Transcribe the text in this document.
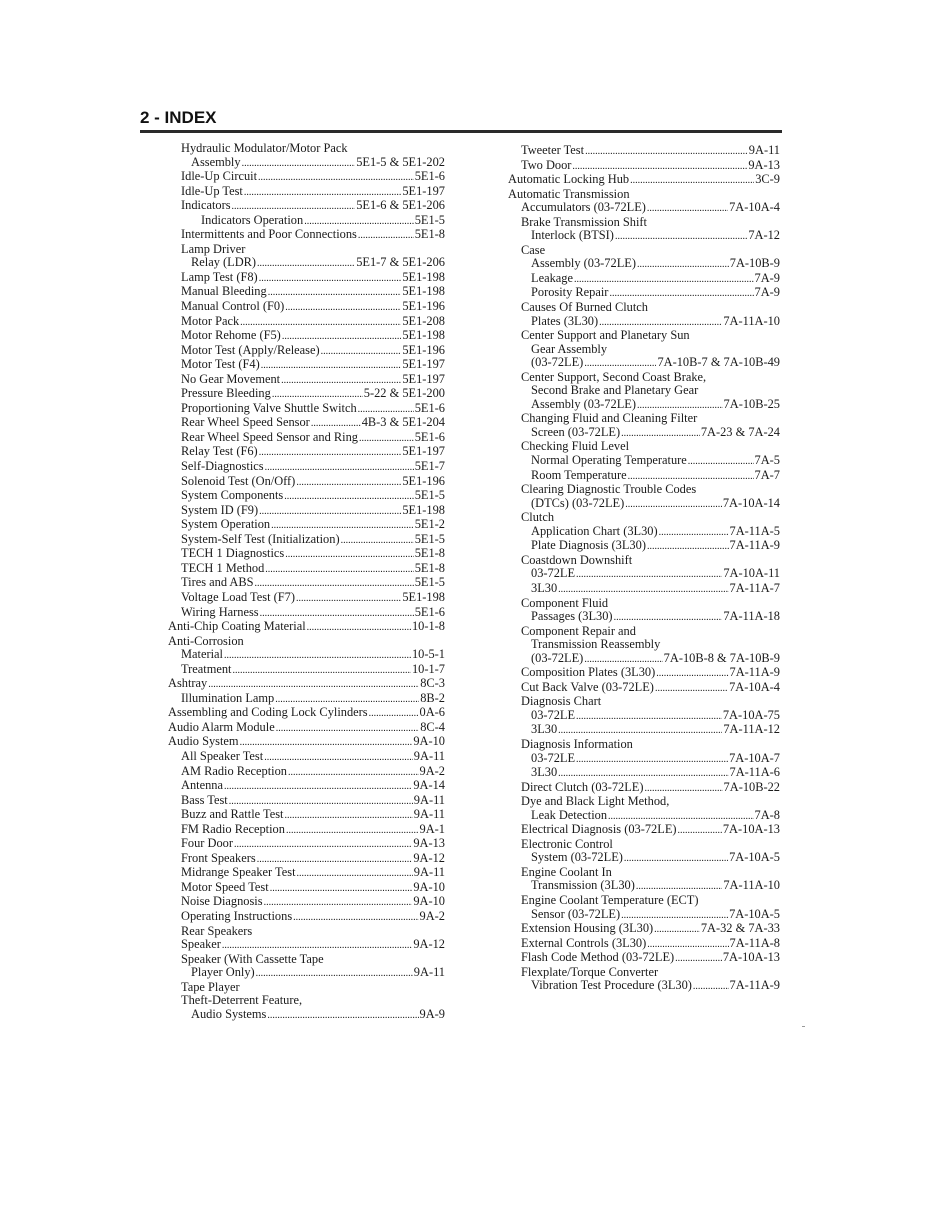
2 - INDEX
Hydraulic Modulator/Motor Pack
Assembly .....	5E1-5 & 5E1-202
Idle-Up Circuit .....	5E1-6
Idle-Up Test .....	5E1-197
Indicators .....	5E1-6 & 5E1-206
Indicators Operation .....	5E1-5
Intermittents and Poor Connections .....	5E1-8
Lamp Driver
Relay (LDR) .....	5E1-7 & 5E1-206
Lamp Test (F8) .....	5E1-198
Manual Bleeding .....	5E1-198
Manual Control (F0) .....	5E1-196
Motor Pack .....	5E1-208
Motor Rehome (F5) .....	5E1-198
Motor Test (Apply/Release) .....	5E1-196
Motor Test (F4) .....	5E1-197
No Gear Movement .....	5E1-197
Pressure Bleeding .....	5-22 & 5E1-200
Proportioning Valve Shuttle Switch .....	5E1-6
Rear Wheel Speed Sensor .....	4B-3 & 5E1-204
Rear Wheel Speed Sensor and Ring .....	5E1-6
Relay Test (F6) .....	5E1-197
Self-Diagnostics .....	5E1-7
Solenoid Test (On/Off) .....	5E1-196
System Components .....	5E1-5
System ID (F9) .....	5E1-198
System Operation .....	5E1-2
System-Self Test (Initialization) .....	5E1-5
TECH 1 Diagnostics .....	5E1-8
TECH 1 Method .....	5E1-8
Tires and ABS .....	5E1-5
Voltage Load Test (F7) .....	5E1-198
Wiring Harness .....	5E1-6
Anti-Chip Coating Material .....	10-1-8
Anti-Corrosion
Material .....	10-5-1
Treatment .....	10-1-7
Ashtray .....	8C-3
Illumination Lamp .....	8B-2
Assembling and Coding Lock Cylinders .....	0A-6
Audio Alarm Module .....	8C-4
Audio System .....	9A-10
All Speaker Test .....	9A-11
AM Radio Reception .....	9A-2
Antenna .....	9A-14
Bass Test .....	9A-11
Buzz and Rattle Test .....	9A-11
FM Radio Reception .....	9A-1
Four Door .....	9A-13
Front Speakers .....	9A-12
Midrange Speaker Test .....	9A-11
Motor Speed Test .....	9A-10
Noise Diagnosis .....	9A-10
Operating Instructions .....	9A-2
Rear Speakers
Speaker .....	9A-12
Speaker (With Cassette Tape
Player Only) .....	9A-11
Tape Player
Theft-Deterrent Feature,
Audio Systems .....	9A-9
Tweeter Test .....	9A-11
Two Door .....	9A-13
Automatic Locking Hub .....	3C-9
Automatic Transmission
Accumulators (03-72LE) .....	7A-10A-4
Brake Transmission Shift
Interlock (BTSI) .....	7A-12
Case
Assembly (03-72LE) .....	7A-10B-9
Leakage .....	7A-9
Porosity Repair .....	7A-9
Causes Of Burned Clutch
Plates (3L30) .....	7A-11A-10
Center Support and Planetary Sun
Gear Assembly
(03-72LE) .....	7A-10B-7 & 7A-10B-49
Center Support, Second Coast Brake,
Second Brake and Planetary Gear
Assembly (03-72LE) .....	7A-10B-25
Changing Fluid and Cleaning Filter
Screen (03-72LE) .....	7A-23 & 7A-24
Checking Fluid Level
Normal Operating Temperature .....	7A-5
Room Temperature .....	7A-7
Clearing Diagnostic Trouble Codes
(DTCs) (03-72LE) .....	7A-10A-14
Clutch
Application Chart (3L30) .....	7A-11A-5
Plate Diagnosis (3L30) .....	7A-11A-9
Coastdown Downshift
03-72LE .....	7A-10A-11
3L30 .....	7A-11A-7
Component Fluid
Passages (3L30) .....	7A-11A-18
Component Repair and
Transmission Reassembly
(03-72LE) .....	7A-10B-8 & 7A-10B-9
Composition Plates (3L30) .....	7A-11A-9
Cut Back Valve (03-72LE) .....	7A-10A-4
Diagnosis Chart
03-72LE .....	7A-10A-75
3L30 .....	7A-11A-12
Diagnosis Information
03-72LE .....	7A-10A-7
3L30 .....	7A-11A-6
Direct Clutch (03-72LE) .....	7A-10B-22
Dye and Black Light Method,
Leak Detection .....	7A-8
Electrical Diagnosis (03-72LE) .....	7A-10A-13
Electronic Control
System (03-72LE) .....	7A-10A-5
Engine Coolant In
Transmission (3L30) .....	7A-11A-10
Engine Coolant Temperature (ECT)
Sensor (03-72LE) .....	7A-10A-5
Extension Housing (3L30) .....	7A-32 & 7A-33
External Controls (3L30) .....	7A-11A-8
Flash Code Method (03-72LE) .....	7A-10A-13
Flexplate/Torque Converter
Vibration Test Procedure (3L30) .....	7A-11A-9
